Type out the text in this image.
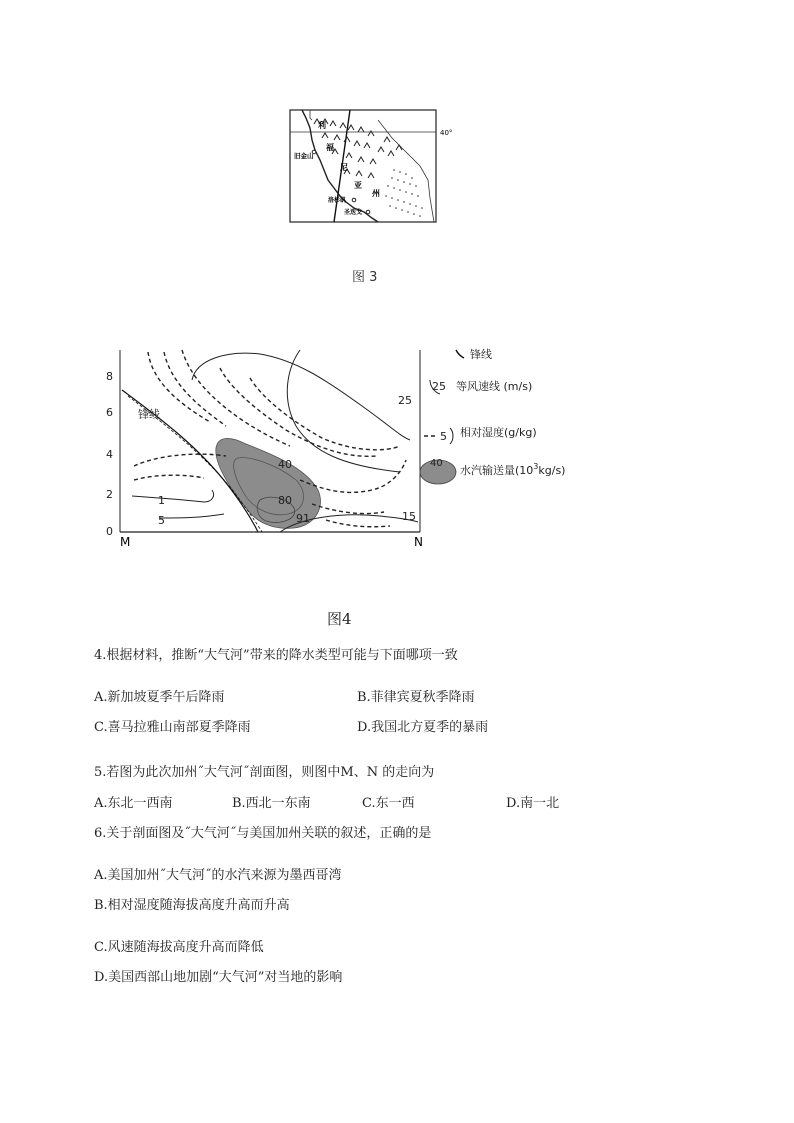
40°
利
福
尼
亚
州
旧金山
洛杉矶
圣迭戈
图 3
0
2
4
6
8
M	N
25
15
1
5
40
80
91
锋线
锋线
25 等风速线 (m/s)
5 相对湿度(g/kg)
40
水汽输送量$(10^3kg/s)$
图4
4.根据材料，推断“大气河”带来的降水类型可能与下面哪项一致
A.新加坡夏季午后降雨	B.菲律宾夏秋季降雨
C.喜马拉雅山南部夏季降雨	D.我国北方夏季的暴雨
5.若图为此次加州˝大气河˝剖面图，则图中M、N 的走向为
A.东北一西南	B.西北一东南	C.东一西	D.南一北
6.关于剖面图及˝大气河˝与美国加州关联的叙述，正确的是
A.美国加州˝大气河˝的水汽来源为墨西哥湾
B.相对湿度随海拔高度升高而升高
C.风速随海拔高度升高而降低
D.美国西部山地加剧“大气河”对当地的影响
